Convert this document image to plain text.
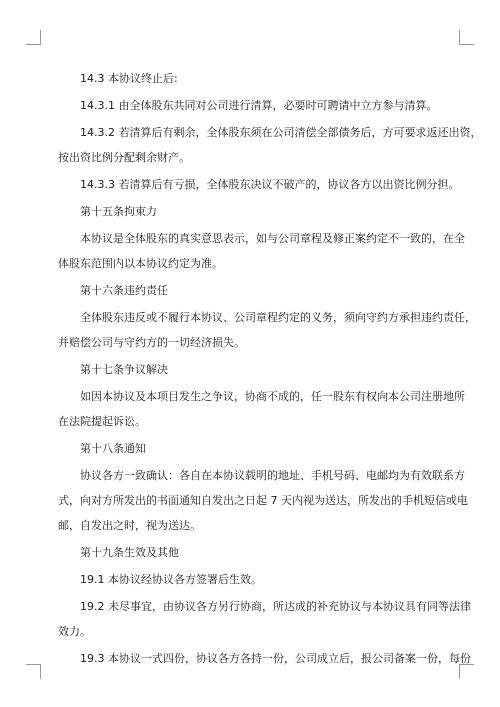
14.3 本协议终止后:
14.3.1 由全体股东共同对公司进行清算，必要时可聘请中立方参与清算。
14.3.2 若清算后有剩余，全体股东须在公司清偿全部债务后，方可要求返还出资，
按出资比例分配剩余财产。
14.3.3 若清算后有亏损，全体股东决议不破产的，协议各方以出资比例分担。
第十五条拘束力
本协议是全体股东的真实意思表示，如与公司章程及修正案约定不一致的，在全
体股东范围内以本协议约定为准。
第十六条违约责任
全体股东违反或不履行本协议、公司章程约定的义务，须向守约方承担违约责任，
并赔偿公司与守约方的一切经济损失。
第十七条争议解决
如因本协议及本项目发生之争议，协商不成的，任一股东有权向本公司注册地所
在法院提起诉讼。
第十八条通知
协议各方一致确认：各自在本协议载明的地址、手机号码、电邮均为有效联系方
式，向对方所发出的书面通知自发出之日起 7 天内视为送达，所发出的手机短信或电
邮，自发出之时，视为送达。
第十九条生效及其他
19.1 本协议经协议各方签署后生效。
19.2 未尽事宜，由协议各方另行协商，所达成的补充协议与本协议具有同等法律
效力。
19.3 本协议一式四份，协议各方各持一份，公司成立后，报公司备案一份，每份
